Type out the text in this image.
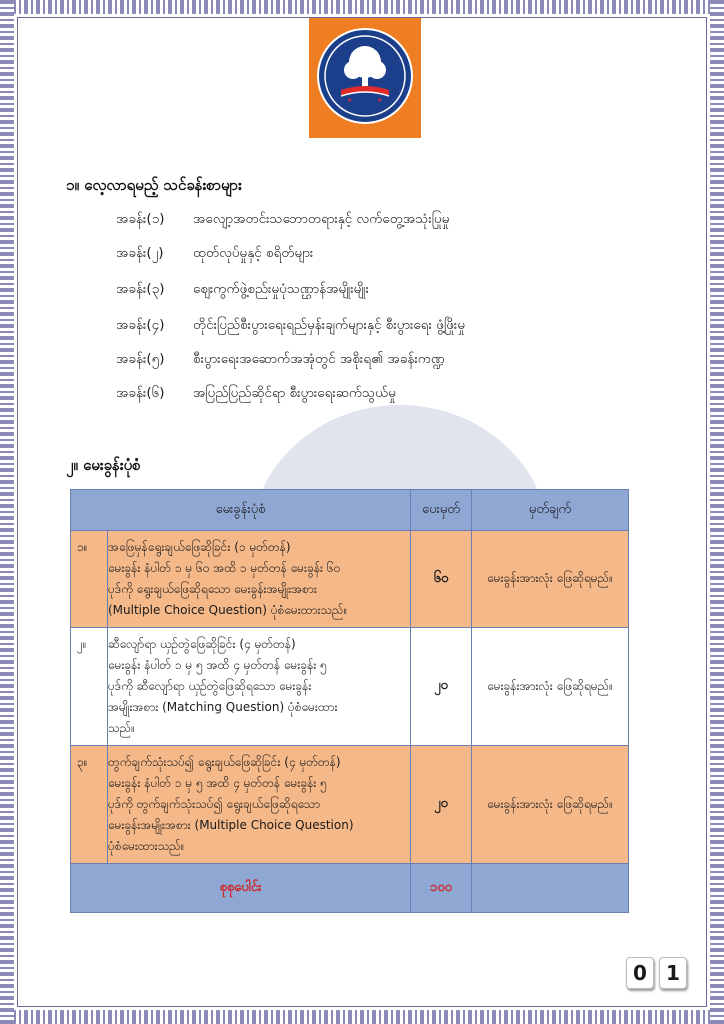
★	★
၁။ လေ့လာရမည့် သင်ခန်းစာများ
အခန်း(၁) အလျော့အတင်းသဘောတရားနှင့် လက်တွေ့အသုံးပြုမှု
အခန်း(၂) ထုတ်လုပ်မှုနှင့် စရိတ်များ
အခန်း(၃) ဈေးကွက်ဖွဲ့စည်းမှုပုံသဏ္ဌာန်အမျိုးမျိုး
အခန်း(၄) တိုင်းပြည်စီးပွားရေးရည်မှန်းချက်များနှင့် စီးပွားရေး ဖွံ့ဖြိုးမှု
အခန်း(၅) စီးပွားရေးအဆောက်အအုံတွင် အစိုးရ၏ အခန်းကဏ္ဍ
အခန်း(၆) အပြည်ပြည်ဆိုင်ရာ စီးပွားရေးဆက်သွယ်မှု
၂။ မေးခွန်းပုံစံ
မေးခွန်းပုံစံ		ပေးမှတ်	မှတ်ချက်
၁။	အဖြေမှန်ရွေးချယ်ဖြေဆိုခြင်း (၁ မှတ်တန်)
မေးခွန်း နံပါတ် ၁ မှ ၆၀ အထိ ၁ မှတ်တန် မေးခွန်း ၆၀
ပုဒ်ကို ရွေးချယ်ဖြေဆိုရသော မေးခွန်းအမျိုးအစား
(Multiple Choice Question) ပုံစံမေးထားသည်။	၆၀	မေးခွန်းအားလုံး ဖြေဆိုရမည်။
၂။	ဆီလျော်ရာ ယှဉ်တွဲဖြေဆိုခြင်း (၄ မှတ်တန်)
မေးခွန်း နံပါတ် ၁ မှ ၅ အထိ ၄ မှတ်တန် မေးခွန်း ၅
ပုဒ်ကို ဆီလျော်ရာ ယှဉ်တွဲဖြေဆိုရသော မေးခွန်း
အမျိုးအစား (Matching Question) ပုံစံမေးထား
သည်။	၂၀	မေးခွန်းအားလုံး ဖြေဆိုရမည်။
၃။	တွက်ချက်သုံးသပ်၍ ရွေးချယ်ဖြေဆိုခြင်း (၄ မှတ်တန်)
မေးခွန်း နံပါတ် ၁ မှ ၅ အထိ ၄ မှတ်တန် မေးခွန်း ၅
ပုဒ်ကို တွက်ချက်သုံးသပ်၍ ရွေးချယ်ဖြေဆိုရသော
မေးခွန်းအမျိုးအစား (Multiple Choice Question)
ပုံစံမေးထားသည်။	၂၀	မေးခွန်းအားလုံး ဖြေဆိုရမည်။
စုစုပေါင်း		၁၀၀	
0 1
